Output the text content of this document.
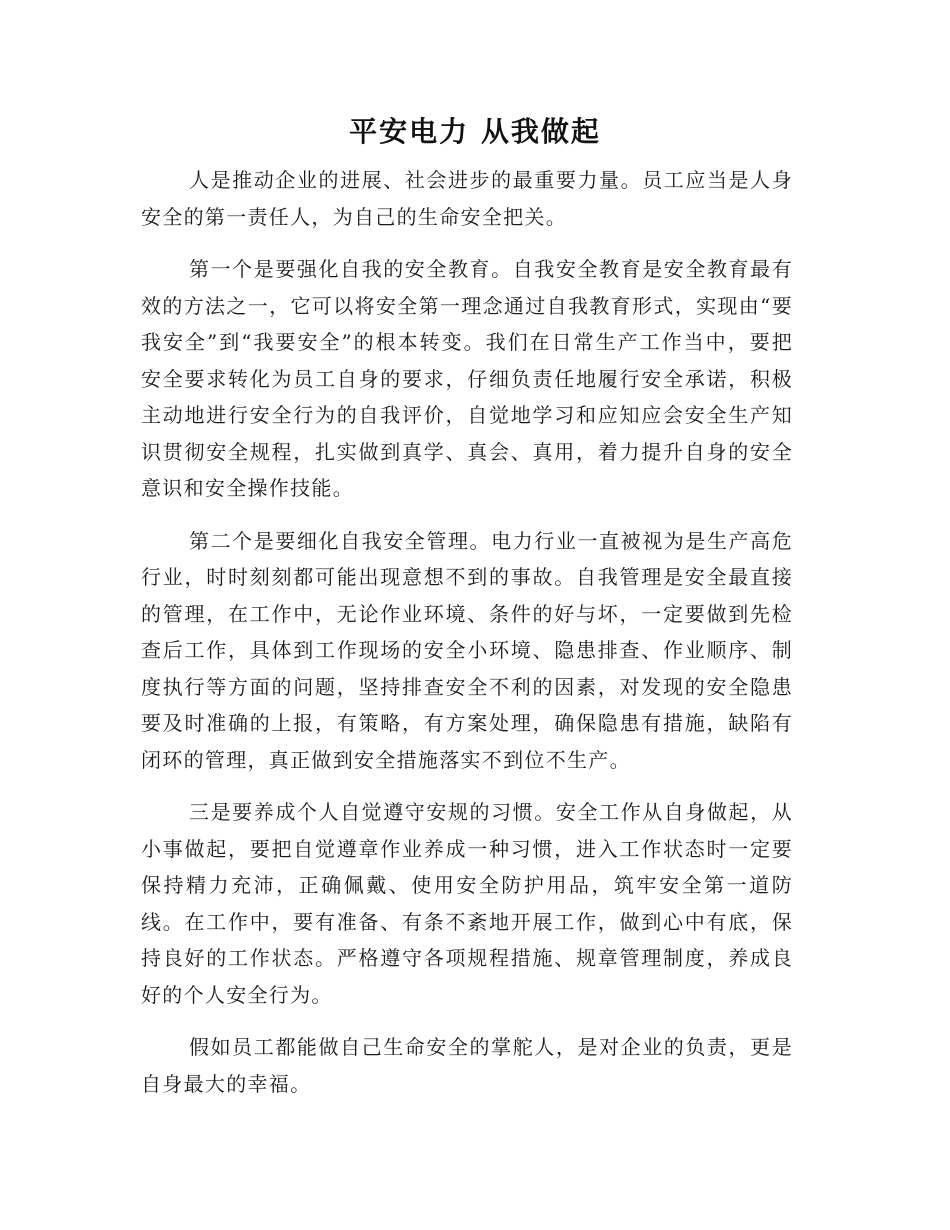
平安电力 从我做起

人是推动企业的进展、社会进步的最重要力量。员工应当是人身安全的第一责任人，为自己的生命安全把关。

第一个是要强化自我的安全教育。自我安全教育是安全教育最有效的方法之一，它可以将安全第一理念通过自我教育形式，实现由“要我安全”到“我要安全”的根本转变。我们在日常生产工作当中，要把安全要求转化为员工自身的要求，仔细负责任地履行安全承诺，积极主动地进行安全行为的自我评价，自觉地学习和应知应会安全生产知识贯彻安全规程，扎实做到真学、真会、真用，着力提升自身的安全意识和安全操作技能。

第二个是要细化自我安全管理。电力行业一直被视为是生产高危行业，时时刻刻都可能出现意想不到的事故。自我管理是安全最直接的管理，在工作中，无论作业环境、条件的好与坏，一定要做到先检查后工作，具体到工作现场的安全小环境、隐患排查、作业顺序、制度执行等方面的问题，坚持排查安全不利的因素，对发现的安全隐患要及时准确的上报，有策略，有方案处理，确保隐患有措施，缺陷有闭环的管理，真正做到安全措施落实不到位不生产。

三是要养成个人自觉遵守安规的习惯。安全工作从自身做起，从小事做起，要把自觉遵章作业养成一种习惯，进入工作状态时一定要保持精力充沛，正确佩戴、使用安全防护用品，筑牢安全第一道防线。在工作中，要有准备、有条不紊地开展工作，做到心中有底，保持良好的工作状态。严格遵守各项规程措施、规章管理制度，养成良好的个人安全行为。

假如员工都能做自己生命安全的掌舵人，是对企业的负责，更是自身最大的幸福。
